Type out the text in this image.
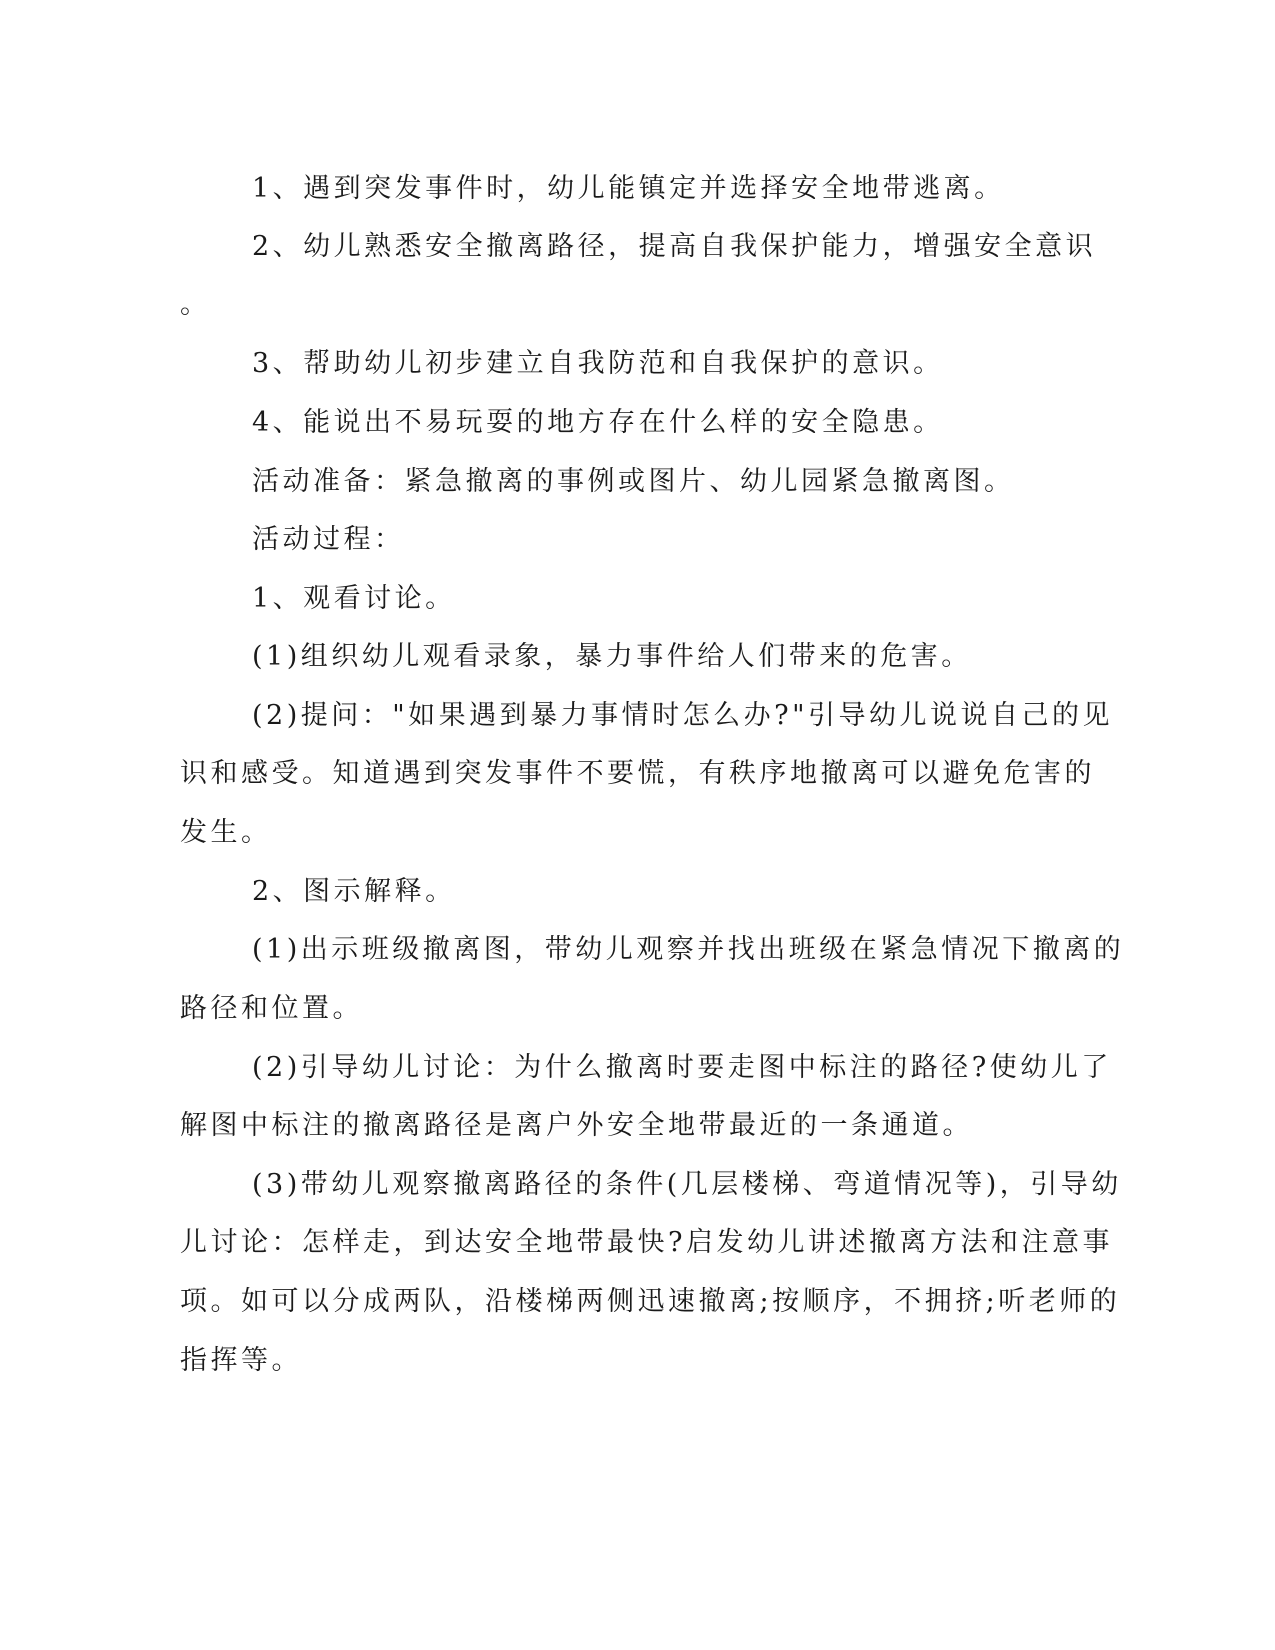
1、遇到突发事件时，幼儿能镇定并选择安全地带逃离。

2、幼儿熟悉安全撤离路径，提高自我保护能力，增强安全意识

。

3、帮助幼儿初步建立自我防范和自我保护的意识。

4、能说出不易玩耍的地方存在什么样的安全隐患。

活动准备：紧急撤离的事例或图片、幼儿园紧急撤离图。

活动过程：

1、观看讨论。

(1)组织幼儿观看录象，暴力事件给人们带来的危害。

(2)提问："如果遇到暴力事情时怎么办?"引导幼儿说说自己的见

识和感受。知道遇到突发事件不要慌，有秩序地撤离可以避免危害的

发生。

2、图示解释。

(1)出示班级撤离图，带幼儿观察并找出班级在紧急情况下撤离的

路径和位置。

(2)引导幼儿讨论：为什么撤离时要走图中标注的路径?使幼儿了

解图中标注的撤离路径是离户外安全地带最近的一条通道。

(3)带幼儿观察撤离路径的条件(几层楼梯、弯道情况等)，引导幼

儿讨论：怎样走，到达安全地带最快?启发幼儿讲述撤离方法和注意事

项。如可以分成两队，沿楼梯两侧迅速撤离;按顺序，不拥挤;听老师的

指挥等。
